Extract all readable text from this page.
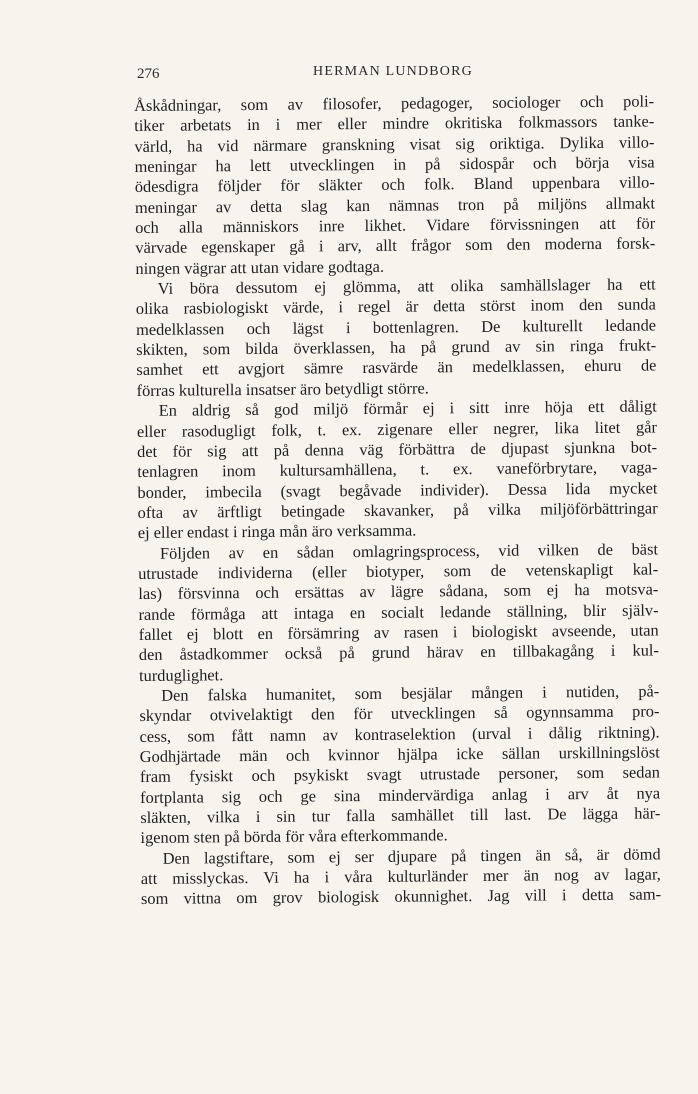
276	HERMAN LUNDBORG
Åskådningar, som av filosofer, pedagoger, sociologer och poli-
tiker arbetats in i mer eller mindre okritiska folkmassors tanke-
värld, ha vid närmare granskning visat sig oriktiga. Dylika villo-
meningar ha lett utvecklingen in på sidospår och börja visa
ödesdigra följder för släkter och folk. Bland uppenbara villo-
meningar av detta slag kan nämnas tron på miljöns allmakt
och alla människors inre likhet. Vidare förvissningen att för
värvade egenskaper gå i arv, allt frågor som den moderna forsk-
ningen vägrar att utan vidare godtaga.
Vi böra dessutom ej glömma, att olika samhällslager ha ett
olika rasbiologiskt värde, i regel är detta störst inom den sunda
medelklassen och lägst i bottenlagren. De kulturellt ledande
skikten, som bilda överklassen, ha på grund av sin ringa frukt-
samhet ett avgjort sämre rasvärde än medelklassen, ehuru de
förras kulturella insatser äro betydligt större.
En aldrig så god miljö förmår ej i sitt inre höja ett dåligt
eller rasodugligt folk, t. ex. zigenare eller negrer, lika litet går
det för sig att på denna väg förbättra de djupast sjunkna bot-
tenlagren inom kultursamhällena, t. ex. vaneförbrytare, vaga-
bonder, imbecila (svagt begåvade individer). Dessa lida mycket
ofta av ärftligt betingade skavanker, på vilka miljöförbättringar
ej eller endast i ringa mån äro verksamma.
Följden av en sådan omlagringsprocess, vid vilken de bäst
utrustade individerna (eller biotyper, som de vetenskapligt kal-
las) försvinna och ersättas av lägre sådana, som ej ha motsva-
rande förmåga att intaga en socialt ledande ställning, blir själv-
fallet ej blott en försämring av rasen i biologiskt avseende, utan
den åstadkommer också på grund härav en tillbakagång i kul-
turduglighet.
Den falska humanitet, som besjälar mången i nutiden, på-
skyndar otvivelaktigt den för utvecklingen så ogynnsamma pro-
cess, som fått namn av kontraselektion (urval i dålig riktning).
Godhjärtade män och kvinnor hjälpa icke sällan urskillningslöst
fram fysiskt och psykiskt svagt utrustade personer, som sedan
fortplanta sig och ge sina mindervärdiga anlag i arv åt nya
släkten, vilka i sin tur falla samhället till last. De lägga här-
igenom sten på börda för våra efterkommande.
Den lagstiftare, som ej ser djupare på tingen än så, är dömd
att misslyckas. Vi ha i våra kulturländer mer än nog av lagar,
som vittna om grov biologisk okunnighet. Jag vill i detta sam-
